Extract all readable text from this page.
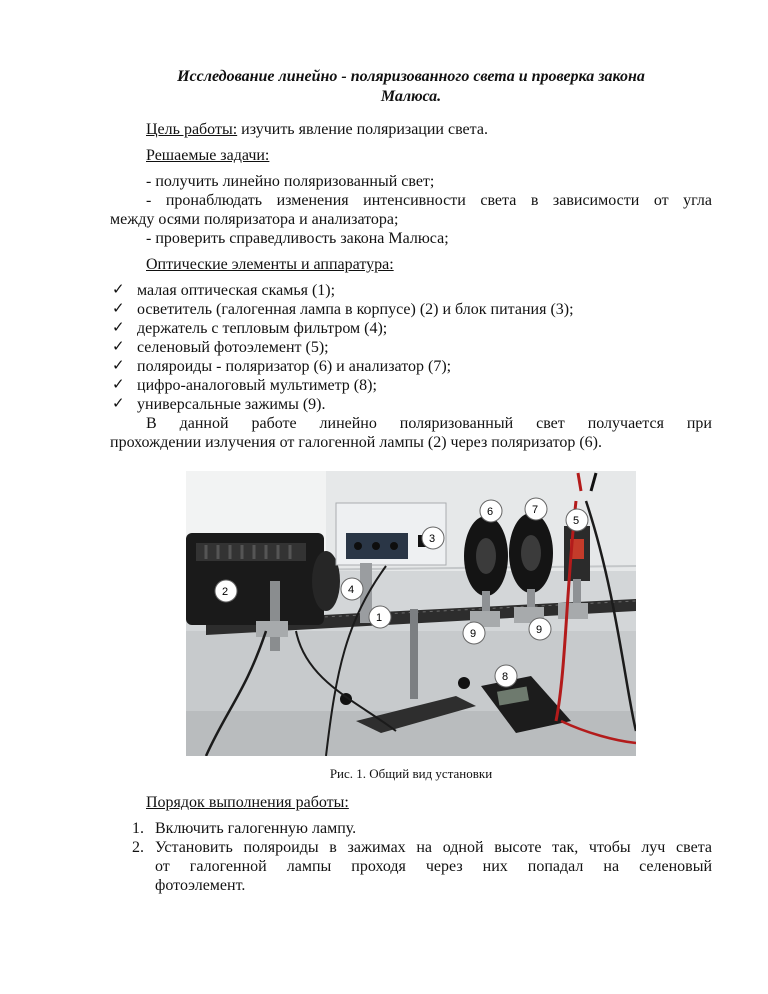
Исследование линейно - поляризованного света и проверка закона
Малюса.
Цель работы: изучить явление поляризации света.
Решаемые задачи:
- получить линейно поляризованный свет;
- пронаблюдать изменения интенсивности света в зависимости от угла
между осями поляризатора и анализатора;
- проверить справедливость закона Малюса;
Оптические элементы и аппаратура:
✓ малая оптическая скамья (1);
✓ осветитель (галогенная лампа в корпусе) (2) и блок питания (3);
✓ держатель с тепловым фильтром (4);
✓ селеновый фотоэлемент (5);
✓ поляроиды - поляризатор (6) и анализатор (7);
✓ цифро-аналоговый мультиметр (8);
✓ универсальные зажимы (9).
В данной работе линейно поляризованный свет получается при
прохождении излучения от галогенной лампы (2) через поляризатор (6).
1
2
3
4
5
6	7
8
9	9
Рис. 1. Общий вид установки
Порядок выполнения работы:
1. Включить галогенную лампу.
2. Установить поляроиды в зажимах на одной высоте так, чтобы луч света
от галогенной лампы проходя через них попадал на селеновый
фотоэлемент.
